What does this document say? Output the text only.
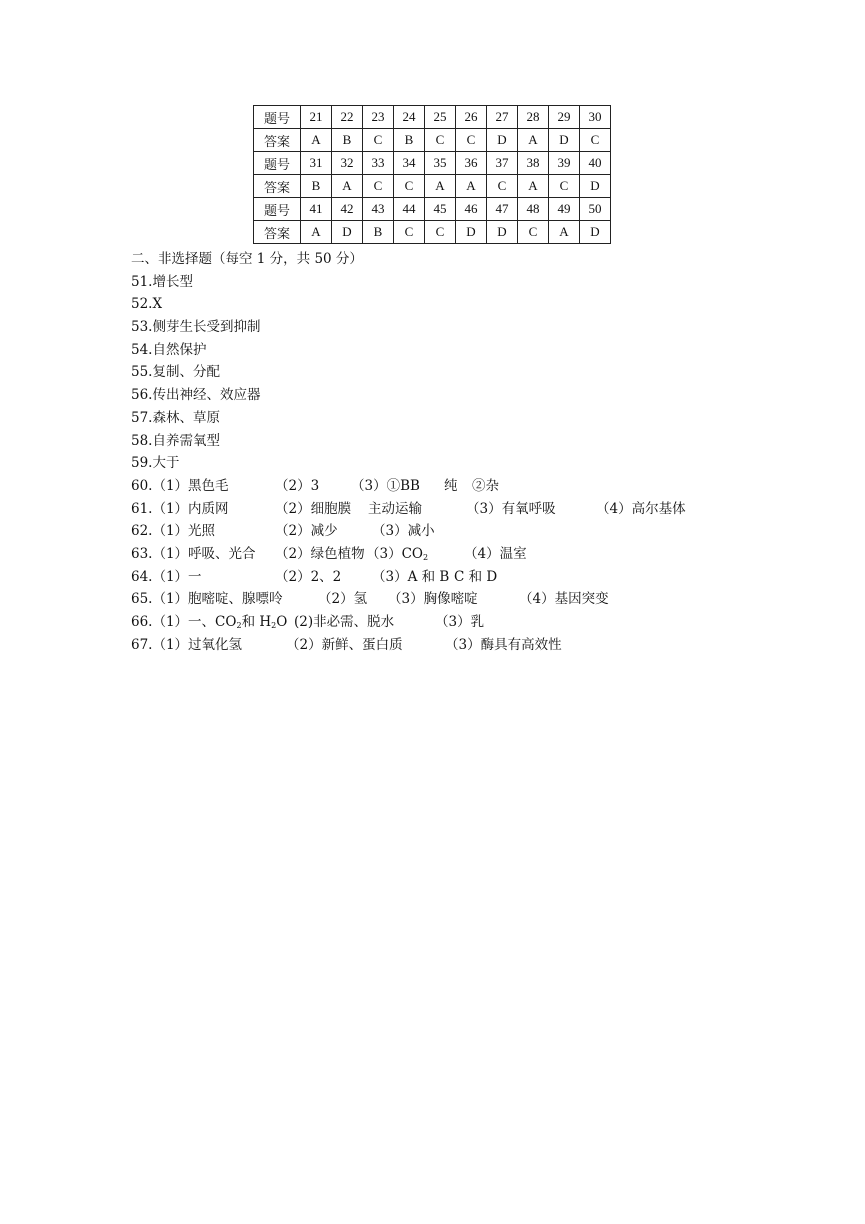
题号	21	22	23	24	25	26	27	28	29	30
答案	A	B	C	B	C	C	D	A	D	C
题号	31	32	33	34	35	36	37	38	39	40
答案	B	A	C	C	A	A	C	A	C	D
题号	41	42	43	44	45	46	47	48	49	50
答案	A	D	B	C	C	D	D	C	A	D
二、非选择题（每空 1 分，共 50 分）
51.增长型
52.X
53.侧芽生长受到抑制
54.自然保护
55.复制、分配
56.传出神经、效应器
57.森林、草原
58.自养需氧型
59.大于
60.（1）黑色毛	（2）3 （3）①BB 纯 ②杂
61.（1）内质网	（2）细胞膜 主动运输	（3）有氧呼吸	（4）高尔基体
62.（1）光照	（2）减少	（3）减小
63.（1）呼吸、光合 （2）绿色植物$(3)CO_2$	（4）温室
64.（1）一	（2）2、2 （3）A 和 B C 和 D
65.（1）胞嘧啶、腺嘌呤	（2）氢 （3）胸像嘧啶	（4）基因突变
66.（1）一、$CO_2$和 $H_2O$ (2)非必需、脱水	（3）乳
67.（1）过氧化氢	（2）新鲜、蛋白质	（3）酶具有高效性
